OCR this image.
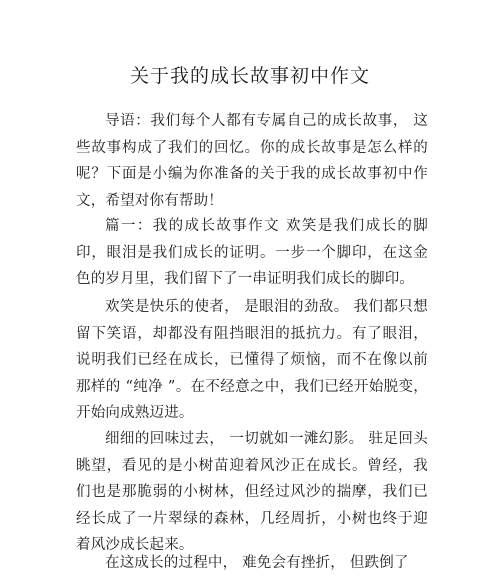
关于我的成长故事初中作文

导语：我们每个人都有专属自己的成长故事， 这些故事构成了我们的回忆。你的成长故事是怎么样的呢？下面是小编为你准备的关于我的成长故事初中作文，希望对你有帮助！

篇一：我的成长故事作文 欢笑是我们成长的脚印，眼泪是我们成长的证明。一步一个脚印，在这金色的岁月里，我们留下了一串证明我们成长的脚印。

欢笑是快乐的使者， 是眼泪的劲敌。 我们都只想留下笑语，却都没有阻挡眼泪的抵抗力。有了眼泪，说明我们已经在成长，已懂得了烦恼，而不在像以前那样的 “纯净 ”。在不经意之中，我们已经开始脱变，开始向成熟迈进。

细细的回味过去， 一切就如一滩幻影。 驻足回头眺望，看见的是小树苗迎着风沙正在成长。曾经，我们也是那脆弱的小树林，但经过风沙的揣摩，我们已经长成了一片翠绿的森林，几经周折，小树也终于迎着风沙成长起来。

在这成长的过程中， 难免会有挫折， 但跌倒了
